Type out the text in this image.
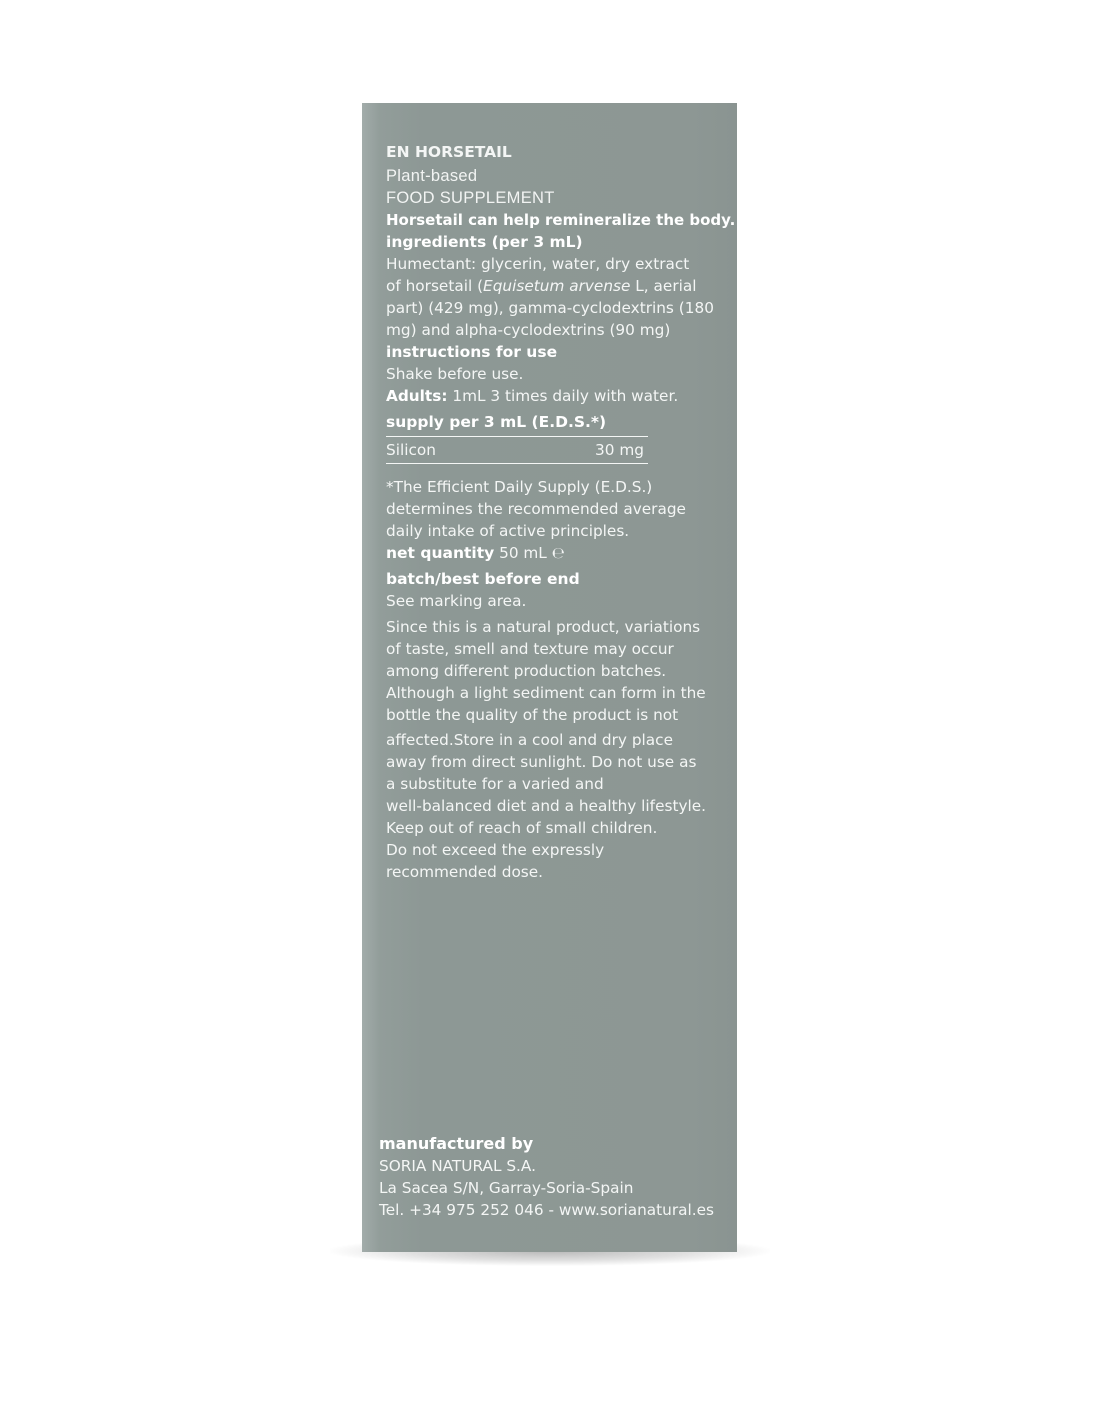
EN HORSETAIL
Plant-based
FOOD SUPPLEMENT
Horsetail can help remineralize the body.
ingredients (per 3 mL)
Humectant: glycerin, water, dry extract
of horsetail (Equisetum arvense L, aerial
part) (429 mg), gamma-cyclodextrins (180
mg) and alpha-cyclodextrins (90 mg)
instructions for use
Shake before use.
Adults: 1mL 3 times daily with water.
supply per 3 mL (E.D.S.*)
Silicon	30 mg
*The Efficient Daily Supply (E.D.S.)
determines the recommended average
daily intake of active principles.
net quantity 50 mL ℮
batch/best before end
See marking area.
Since this is a natural product, variations
of taste, smell and texture may occur
among different production batches.
Although a light sediment can form in the
bottle the quality of the product is not
affected.Store in a cool and dry place
away from direct sunlight. Do not use as
a substitute for a varied and
well-balanced diet and a healthy lifestyle.
Keep out of reach of small children.
Do not exceed the expressly
recommended dose.
manufactured by
SORIA NATURAL S.A.
La Sacea S/N, Garray-Soria-Spain
Tel. +34 975 252 046 - www.sorianatural.es
